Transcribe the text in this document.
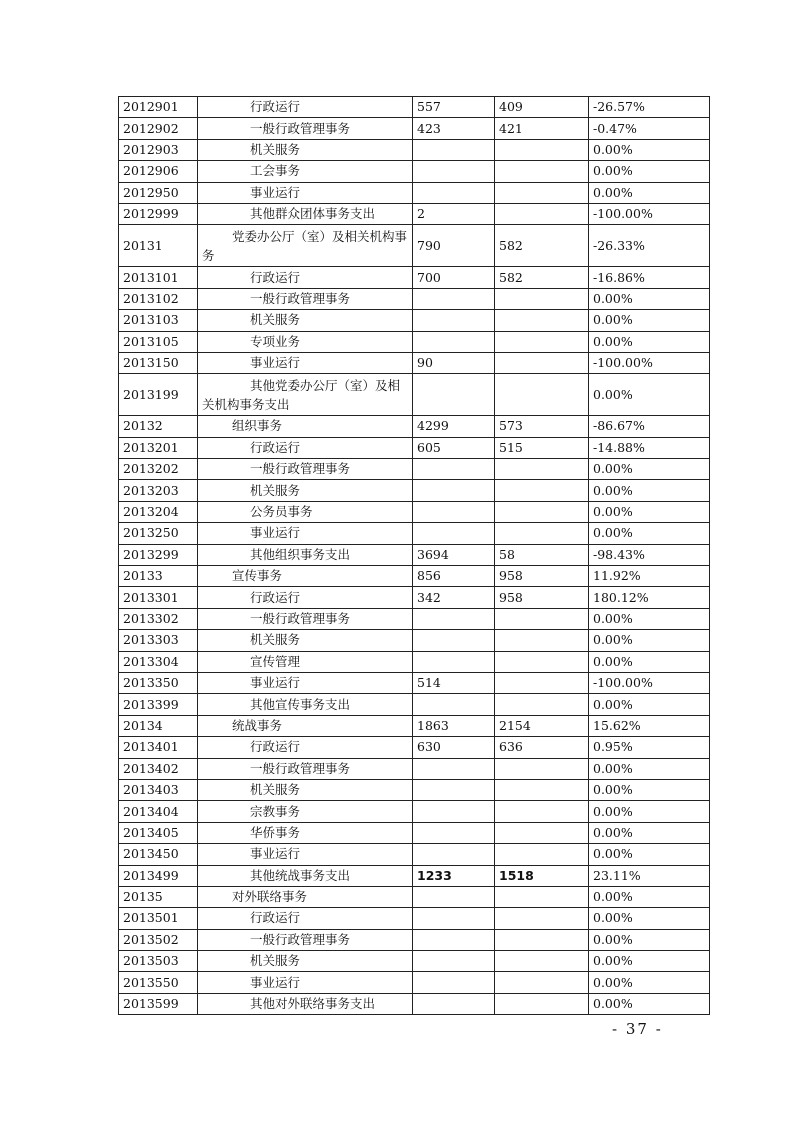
2012901	行政运行	557	409	-26.57%
2012902	一般行政管理事务	423	421	-0.47%
2012903	机关服务			0.00%
2012906	工会事务			0.00%
2012950	事业运行			0.00%
2012999	其他群众团体事务支出	2		-100.00%
20131	党委办公厅（室）及相关机构事务	790	582	-26.33%
2013101	行政运行	700	582	-16.86%
2013102	一般行政管理事务			0.00%
2013103	机关服务			0.00%
2013105	专项业务			0.00%
2013150	事业运行	90		-100.00%
2013199	其他党委办公厅（室）及相关机构事务支出			0.00%
20132	组织事务	4299	573	-86.67%
2013201	行政运行	605	515	-14.88%
2013202	一般行政管理事务			0.00%
2013203	机关服务			0.00%
2013204	公务员事务			0.00%
2013250	事业运行			0.00%
2013299	其他组织事务支出	3694	58	-98.43%
20133	宣传事务	856	958	11.92%
2013301	行政运行	342	958	180.12%
2013302	一般行政管理事务			0.00%
2013303	机关服务			0.00%
2013304	宣传管理			0.00%
2013350	事业运行	514		-100.00%
2013399	其他宣传事务支出			0.00%
20134	统战事务	1863	2154	15.62%
2013401	行政运行	630	636	0.95%
2013402	一般行政管理事务			0.00%
2013403	机关服务			0.00%
2013404	宗教事务			0.00%
2013405	华侨事务			0.00%
2013450	事业运行			0.00%
2013499	其他统战事务支出	1233	1518	23.11%
20135	对外联络事务			0.00%
2013501	行政运行			0.00%
2013502	一般行政管理事务			0.00%
2013503	机关服务			0.00%
2013550	事业运行			0.00%
2013599	其他对外联络事务支出			0.00%
- 37 -
